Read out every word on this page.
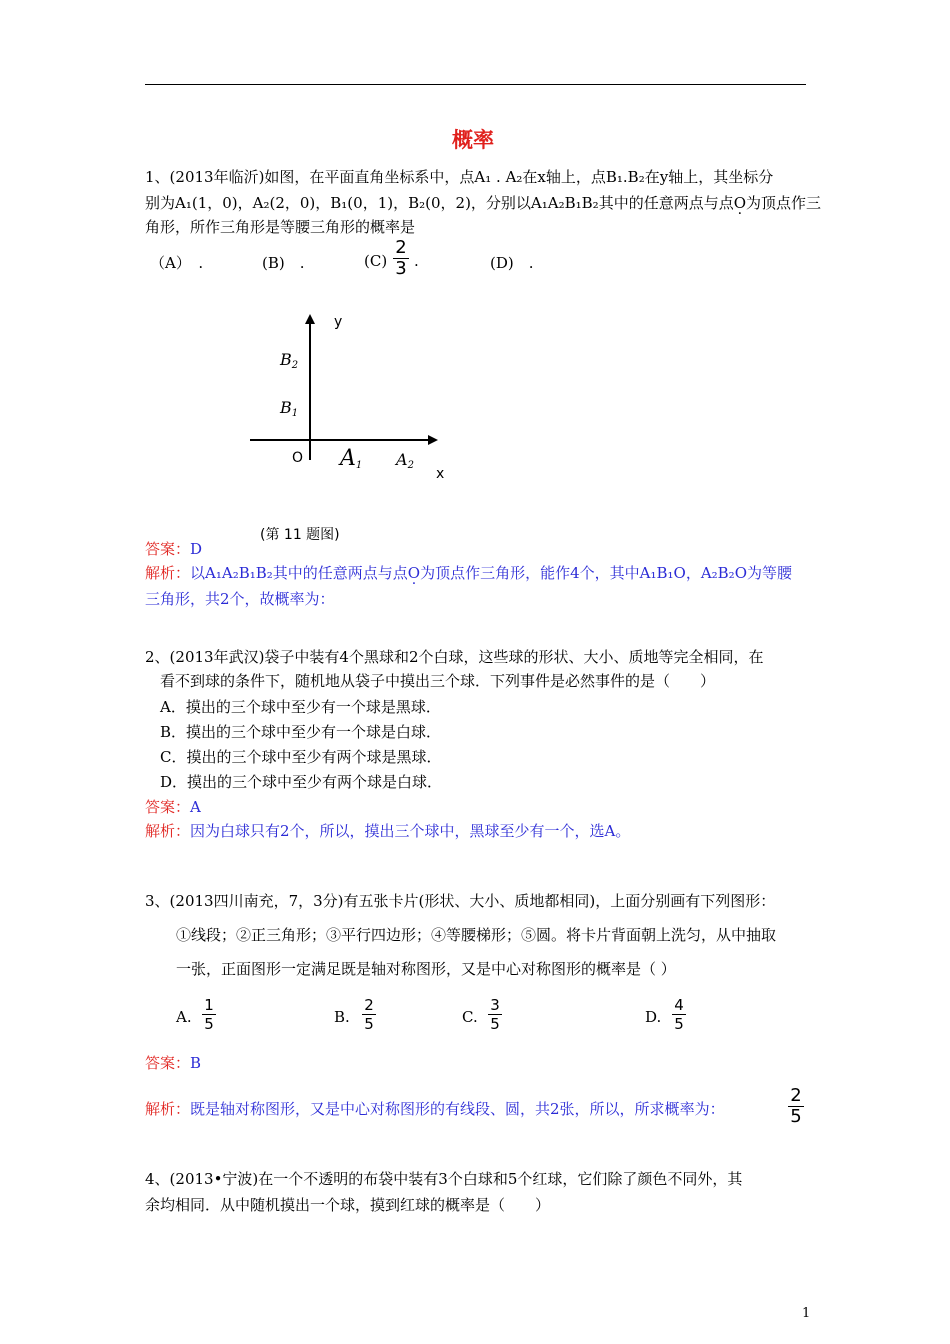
概率
1、(2013年临沂)如图，在平面直角坐标系中，点A₁ . A₂在x轴上，点B₁.B₂在y轴上，其坐标分
别为A₁(1，0)，A₂(2，0)，B₁(0，1)，B₂(0，2)，分别以A₁A₂B₁B₂其中的任意两点与点O ·为顶点作三
角形，所作三角形是等腰三角形的概率是
（A）　.	(B)　.	(C)
2
3 .	(D)　.
y
x
O $A_1$ $A_2$
$B_2$
$B_1$
(第 11 题图)
答案：D
解析：以A₁A₂B₁B₂其中的任意两点与点O ·为顶点作三角形，能作4个，其中A₁B₁O，A₂B₂O为等腰
三角形，共2个，故概率为：
2、(2013年武汉)袋子中装有4个黑球和2个白球，这些球的形状、大小、质地等完全相同，在
看不到球的条件下，随机地从袋子中摸出三个球．下列事件是必然事件的是（　　）
A．摸出的三个球中至少有一个球是黑球．
B．摸出的三个球中至少有一个球是白球．
C．摸出的三个球中至少有两个球是黑球．
D．摸出的三个球中至少有两个球是白球．
答案：A
解析：因为白球只有2个，所以，摸出三个球中，黑球至少有一个，选A。
3、(2013四川南充，7，3分)有五张卡片(形状、大小、质地都相同)，上面分别画有下列图形：
①线段；②正三角形；③平行四边形；④等腰梯形；⑤圆。将卡片背面朝上洗匀，从中抽取
一张，正面图形一定满足既是轴对称图形，又是中心对称图形的概率是（ ）
A.
1
5	B.
2
5	C.
3
5	D.
4
5
答案：B
解析：既是轴对称图形，又是中心对称图形的有线段、圆，共2张，所以，所求概率为：
2
5
4、(2013•宁波)在一个不透明的布袋中装有3个白球和5个红球，它们除了颜色不同外，其
余均相同．从中随机摸出一个球，摸到红球的概率是（　　）
1
